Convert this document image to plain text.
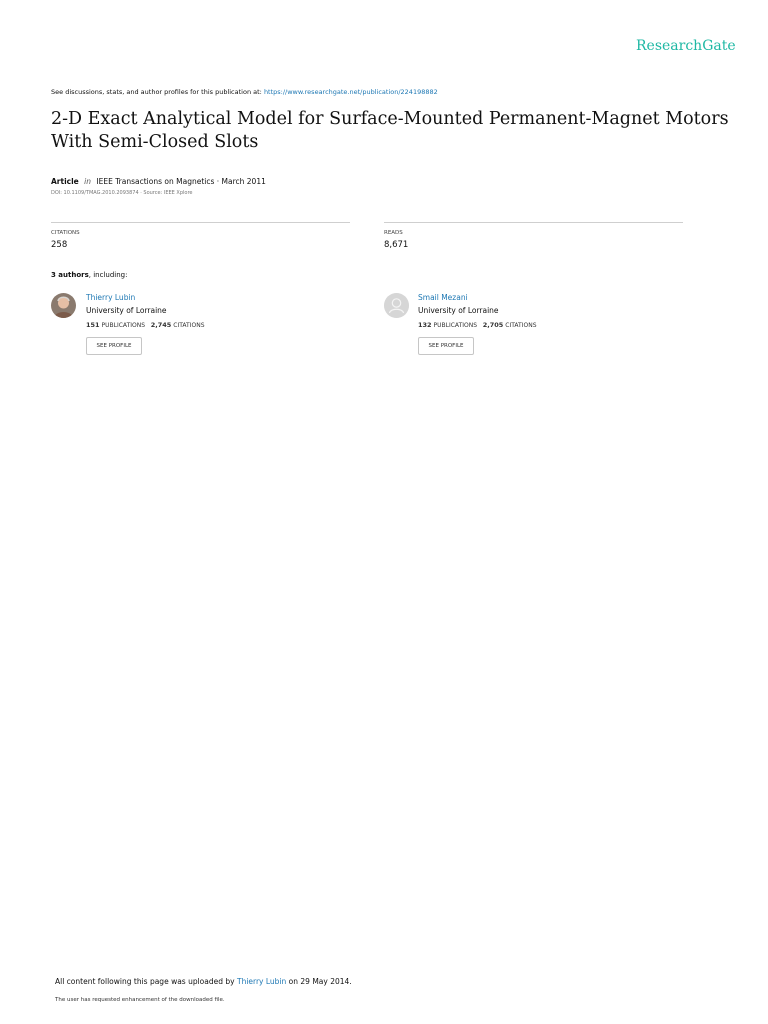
ResearchGate
See discussions, stats, and author profiles for this publication at: https://www.researchgate.net/publication/224198882
2-D Exact Analytical Model for Surface-Mounted Permanent-Magnet Motors With Semi-Closed Slots
Article in IEEE Transactions on Magnetics · March 2011
DOI: 10.1109/TMAG.2010.2093874 · Source: IEEE Xplore
CITATIONS
258
READS
8,671
3 authors, including:
Thierry Lubin
University of Lorraine
151 PUBLICATIONS 2,745 CITATIONS
SEE PROFILE
Smail Mezani
University of Lorraine
132 PUBLICATIONS 2,705 CITATIONS
SEE PROFILE
All content following this page was uploaded by Thierry Lubin on 29 May 2014.
The user has requested enhancement of the downloaded file.
